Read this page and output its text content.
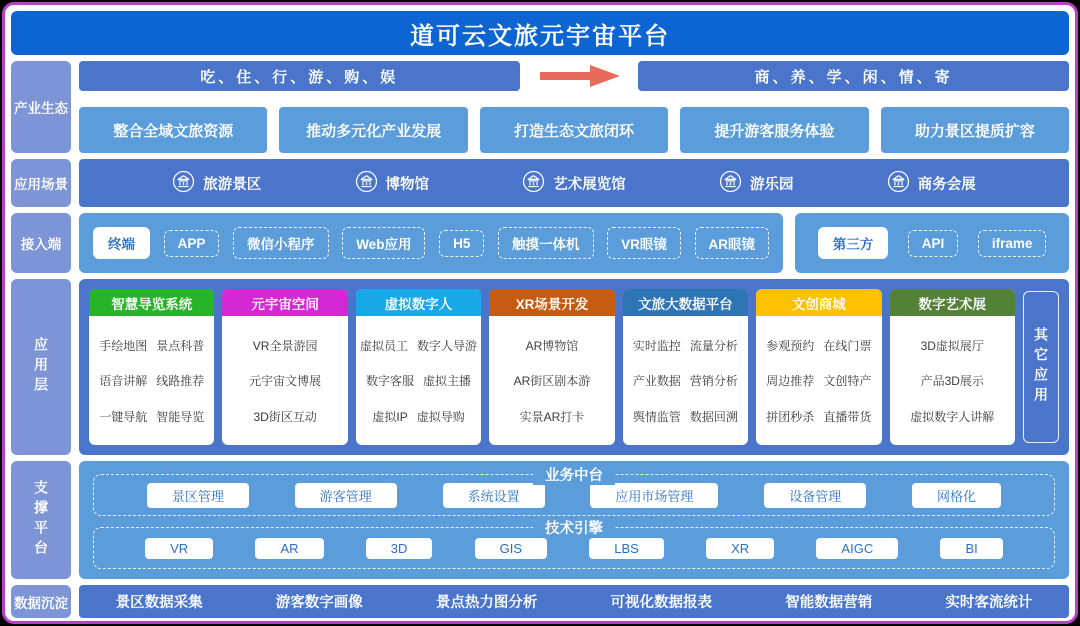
道可云文旅元宇宙平台
产业生态
吃、住、行、游、购、娱	商、养、学、闲、情、寄
整合全域文旅资源	推动多元化产业发展	打造生态文旅闭环	提升游客服务体验	助力景区提质扩容
应用场景	旅游景区	博物馆	艺术展览馆	游乐园	商务会展
接入端	终端	APP	微信小程序	Web应用	H5	触摸一体机	VR眼镜	AR眼镜	第三方	API	iframe
应用层
智慧导览系统
手绘地图 景点科普
语音讲解 线路推荐
一键导航 智能导览
元宇宙空间
VR全景游园
元宇宙文博展
3D街区互动
虚拟数字人
虚拟员工 数字人导游
数字客服 虚拟主播
虚拟IP 虚拟导购
XR场景开发
AR博物馆
AR街区剧本游
实景AR打卡
文旅大数据平台
实时监控 流量分析
产业数据 营销分析
舆情监管 数据回溯
文创商城
参观预约 在线门票
周边推荐 文创特产
拼团秒杀 直播带货
数字艺术展
3D虚拟展厅
产品3D展示
虚拟数字人讲解
其它应用
支撑平台
业务中台
景区管理	游客管理	系统设置	应用市场管理	设备管理	网格化
技术引擎
VR	AR	3D	GIS	LBS	XR	AIGC	BI
数据沉淀	景区数据采集	游客数字画像	景点热力图分析	可视化数据报表	智能数据营销	实时客流统计
